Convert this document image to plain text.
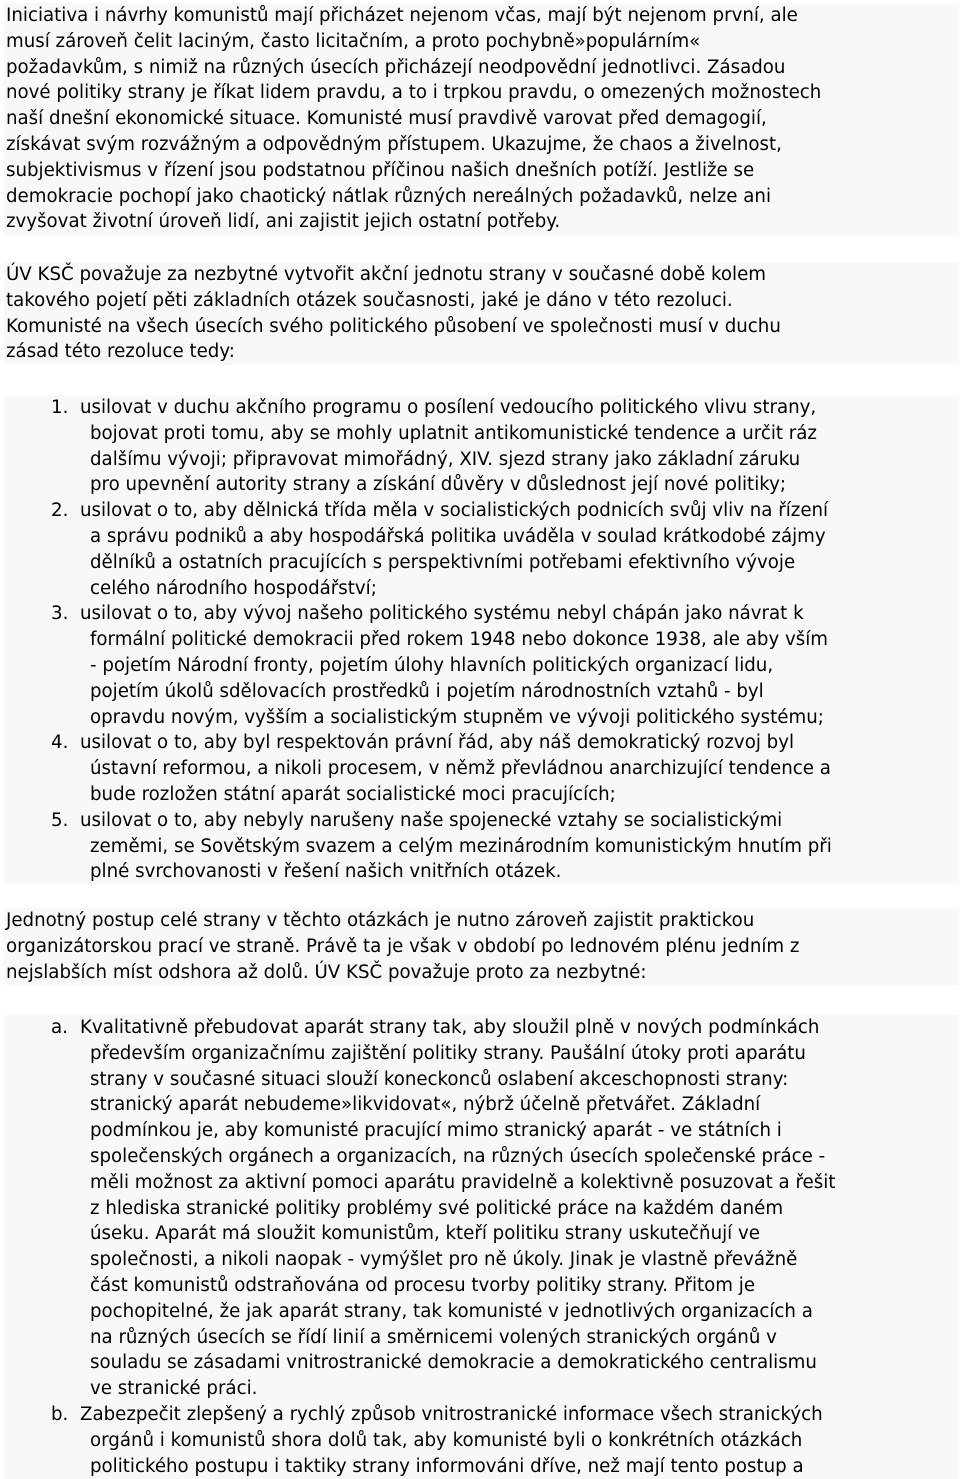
Iniciativa i návrhy komunistů mají přicházet nejenom včas, mají být nejenom první, ale
musí zároveň čelit laciným, často licitačním, a proto pochybně»populárním«
požadavkům, s nimiž na různých úsecích přicházejí neodpovědní jednotlivci. Zásadou
nové politiky strany je říkat lidem pravdu, a to i trpkou pravdu, o omezených možnostech
naší dnešní ekonomické situace. Komunisté musí pravdivě varovat před demagogií,
získávat svým rozvážným a odpovědným přístupem. Ukazujme, že chaos a živelnost,
subjektivismus v řízení jsou podstatnou příčinou našich dnešních potíží. Jestliže se
demokracie pochopí jako chaotický nátlak různých nereálných požadavků, nelze ani
zvyšovat životní úroveň lidí, ani zajistit jejich ostatní potřeby.
ÚV KSČ považuje za nezbytné vytvořit akční jednotu strany v současné době kolem
takového pojetí pěti základních otázek současnosti, jaké je dáno v této rezoluci.
Komunisté na všech úsecích svého politického působení ve společnosti musí v duchu
zásad této rezoluce tedy:
1. usilovat v duchu akčního programu o posílení vedoucího politického vlivu strany,
bojovat proti tomu, aby se mohly uplatnit antikomunistické tendence a určit ráz
dalšímu vývoji; připravovat mimořádný, XIV. sjezd strany jako základní záruku
pro upevnění autority strany a získání důvěry v důslednost její nové politiky;
2. usilovat o to, aby dělnická třída měla v socialistických podnicích svůj vliv na řízení
a správu podniků a aby hospodářská politika uváděla v soulad krátkodobé zájmy
dělníků a ostatních pracujících s perspektivními potřebami efektivního vývoje
celého národního hospodářství;
3. usilovat o to, aby vývoj našeho politického systému nebyl chápán jako návrat k
formální politické demokracii před rokem 1948 nebo dokonce 1938, ale aby vším
- pojetím Národní fronty, pojetím úlohy hlavních politických organizací lidu,
pojetím úkolů sdělovacích prostředků i pojetím národnostních vztahů - byl
opravdu novým, vyšším a socialistickým stupněm ve vývoji politického systému;
4. usilovat o to, aby byl respektován právní řád, aby náš demokratický rozvoj byl
ústavní reformou, a nikoli procesem, v němž převládnou anarchizující tendence a
bude rozložen státní aparát socialistické moci pracujících;
5. usilovat o to, aby nebyly narušeny naše spojenecké vztahy se socialistickými
zeměmi, se Sovětským svazem a celým mezinárodním komunistickým hnutím při
plné svrchovanosti v řešení našich vnitřních otázek.
Jednotný postup celé strany v těchto otázkách je nutno zároveň zajistit praktickou
organizátorskou prací ve straně. Právě ta je však v období po lednovém plénu jedním z
nejslabších míst odshora až dolů. ÚV KSČ považuje proto za nezbytné:
a. Kvalitativně přebudovat aparát strany tak, aby sloužil plně v nových podmínkách
především organizačnímu zajištění politiky strany. Paušální útoky proti aparátu
strany v současné situaci slouží koneckonců oslabení akceschopnosti strany:
stranický aparát nebudeme»likvidovat«, nýbrž účelně přetvářet. Základní
podmínkou je, aby komunisté pracující mimo stranický aparát - ve státních i
společenských orgánech a organizacích, na různých úsecích společenské práce -
měli možnost za aktivní pomoci aparátu pravidelně a kolektivně posuzovat a řešit
z hlediska stranické politiky problémy své politické práce na každém daném
úseku. Aparát má sloužit komunistům, kteří politiku strany uskutečňují ve
společnosti, a nikoli naopak - vymýšlet pro ně úkoly. Jinak je vlastně převážně
část komunistů odstraňována od procesu tvorby politiky strany. Přitom je
pochopitelné, že jak aparát strany, tak komunisté v jednotlivých organizacích a
na různých úsecích se řídí linií a směrnicemi volených stranických orgánů v
souladu se zásadami vnitrostranické demokracie a demokratického centralismu
ve stranické práci.
b. Zabezpečit zlepšený a rychlý způsob vnitrostranické informace všech stranických
orgánů i komunistů shora dolů tak, aby komunisté byli o konkrétních otázkách
politického postupu i taktiky strany informováni dříve, než mají tento postup a
